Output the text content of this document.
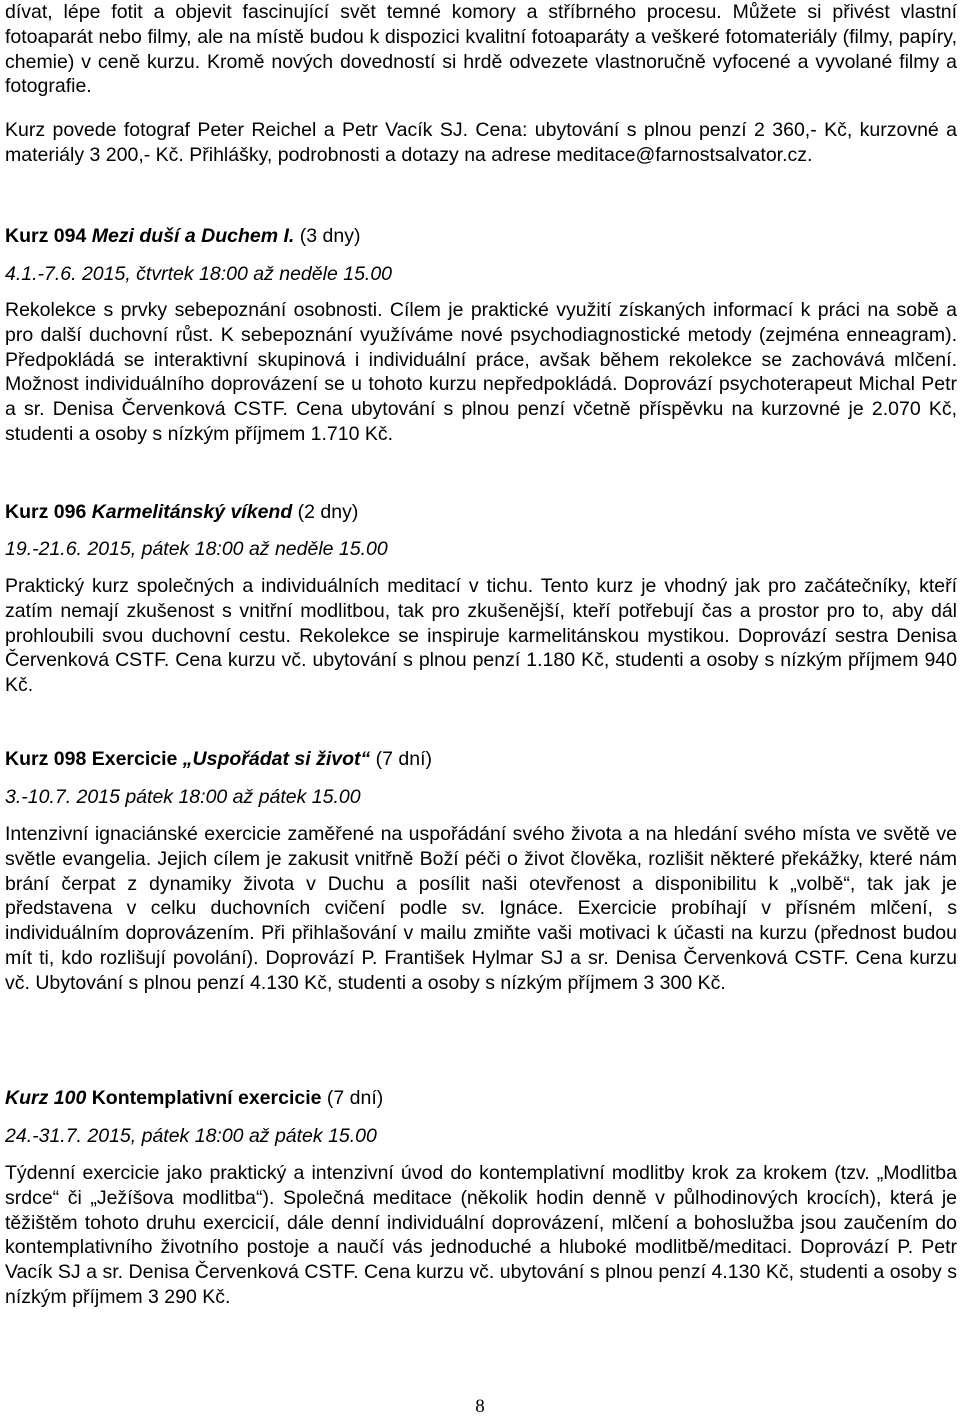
dívat, lépe fotit a objevit fascinující svět temné komory a stříbrného procesu. Můžete si přivést vlastní fotoaparát nebo filmy, ale na místě budou k dispozici kvalitní fotoaparáty a veškeré fotomateriály (filmy, papíry, chemie) v ceně kurzu. Kromě nových dovedností si hrdě odvezete vlastnoručně vyfocené a vyvolané filmy a fotografie.

Kurz povede fotograf Peter Reichel a Petr Vacík SJ. Cena: ubytování s plnou penzí 2 360,- Kč, kurzovné a materiály 3 200,- Kč. Přihlášky, podrobnosti a dotazy na adrese meditace@farnostsalvator.cz.

Kurz 094 Mezi duší a Duchem I. (3 dny)

4.1.-7.6. 2015, čtvrtek 18:00 až neděle 15.00

Rekolekce s prvky sebepoznání osobnosti. Cílem je praktické využití získaných informací k práci na sobě a pro další duchovní růst. K sebepoznání využíváme nové psychodiagnostické metody (zejména enneagram). Předpokládá se interaktivní skupinová i individuální práce, avšak během rekolekce se zachovává mlčení. Možnost individuálního doprovázení se u tohoto kurzu nepředpokládá. Doprovází psychoterapeut Michal Petr a sr. Denisa Červenková CSTF. Cena ubytování s plnou penzí včetně příspěvku na kurzovné je 2.070 Kč, studenti a osoby s nízkým příjmem 1.710 Kč.

Kurz 096 Karmelitánský víkend (2 dny)

19.-21.6. 2015, pátek 18:00 až neděle 15.00

Praktický kurz společných a individuálních meditací v tichu. Tento kurz je vhodný jak pro začátečníky, kteří zatím nemají zkušenost s vnitřní modlitbou, tak pro zkušenější, kteří potřebují čas a prostor pro to, aby dál prohloubili svou duchovní cestu. Rekolekce se inspiruje karmelitánskou mystikou. Doprovází sestra Denisa Červenková CSTF. Cena kurzu vč. ubytování s plnou penzí 1.180 Kč, studenti a osoby s nízkým příjmem 940 Kč.

Kurz 098 Exercicie „Uspořádat si život“ (7 dní)

3.-10.7. 2015 pátek 18:00 až pátek 15.00

Intenzivní ignaciánské exercicie zaměřené na uspořádání svého života a na hledání svého místa ve světě ve světle evangelia. Jejich cílem je zakusit vnitřně Boží péči o život člověka, rozlišit některé překážky, které nám brání čerpat z dynamiky života v Duchu a posílit naši otevřenost a disponibilitu k „volbě“, tak jak je představena v celku duchovních cvičení podle sv. Ignáce. Exercicie probíhají v přísném mlčení, s individuálním doprovázením. Při přihlašování v mailu zmiňte vaši motivaci k účasti na kurzu (přednost budou mít ti, kdo rozlišují povolání). Doprovází P. František Hylmar SJ a sr. Denisa Červenková CSTF. Cena kurzu vč. Ubytování s plnou penzí 4.130 Kč, studenti a osoby s nízkým příjmem 3 300 Kč.

Kurz 100 Kontemplativní exercicie (7 dní)

24.-31.7. 2015, pátek 18:00 až pátek 15.00

Týdenní exercicie jako praktický a intenzivní úvod do kontemplativní modlitby krok za krokem (tzv. „Modlitba srdce“ či „Ježíšova modlitba“). Společná meditace (několik hodin denně v půlhodinových krocích), která je těžištěm tohoto druhu exercicií, dále denní individuální doprovázení, mlčení a bohoslužba jsou zaučením do kontemplativního životního postoje a naučí vás jednoduché a hluboké modlitbě/meditaci. Doprovází P. Petr Vacík SJ a sr. Denisa Červenková CSTF. Cena kurzu vč. ubytování s plnou penzí 4.130 Kč, studenti a osoby s nízkým příjmem 3 290 Kč.

8
